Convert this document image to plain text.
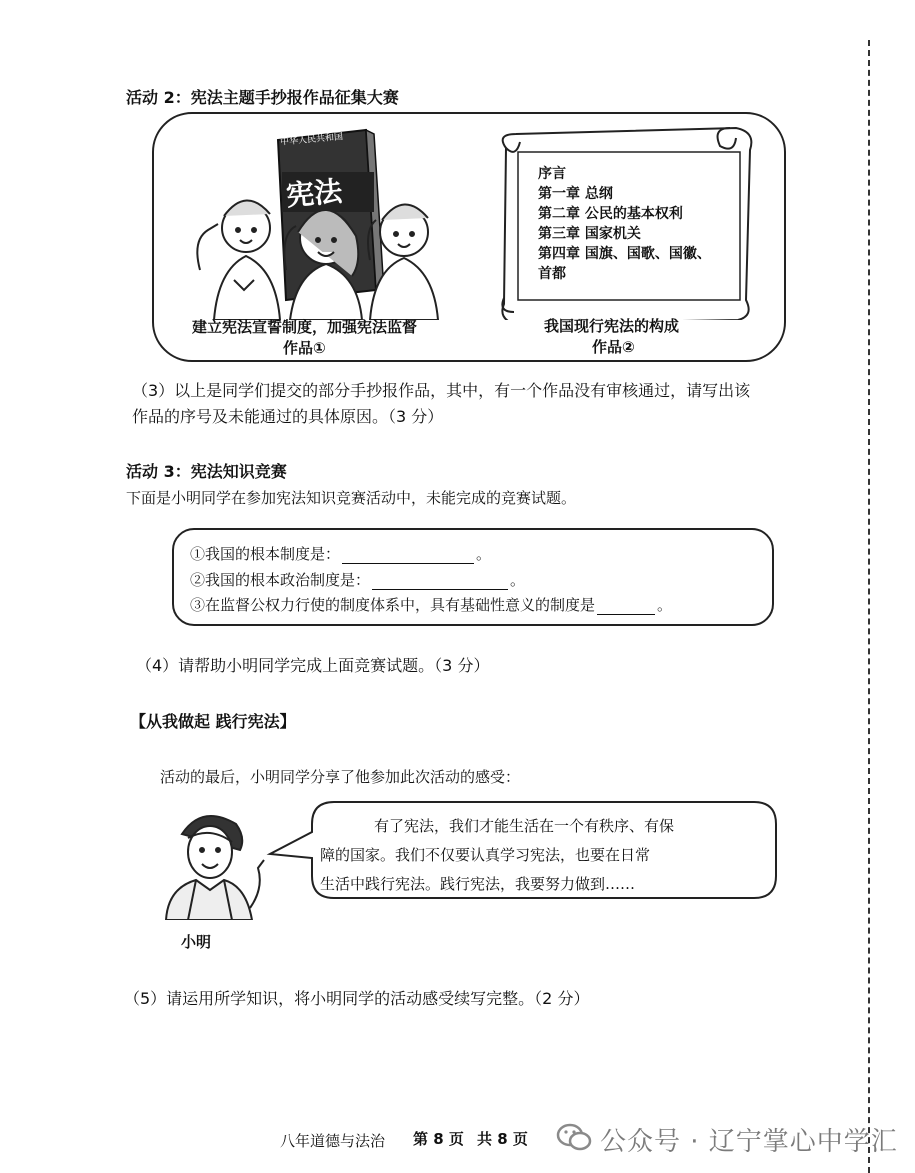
活动 2：宪法主题手抄报作品征集大赛
中华人民共和国
宪法
建立宪法宣誓制度，加强宪法监督
作品①
序言
第一章 总纲
第二章 公民的基本权利
第三章 国家机关
第四章 国旗、国歌、国徽、
首都
我国现行宪法的构成
作品②
（3）以上是同学们提交的部分手抄报作品，其中，有一个作品没有审核通过，请写出该
作品的序号及未能通过的具体原因。（3 分）
活动 3：宪法知识竞赛
下面是小明同学在参加宪法知识竞赛活动中，未能完成的竞赛试题。
①我国的根本制度是：	。
②我国的根本政治制度是：	。
③在监督公权力行使的制度体系中，具有基础性意义的制度是	。
（4）请帮助小明同学完成上面竞赛试题。（3 分）
【从我做起 践行宪法】
活动的最后，小明同学分享了他参加此次活动的感受：
有了宪法，我们才能生活在一个有秩序、有保
障的国家。我们不仅要认真学习宪法，也要在日常
生活中践行宪法。践行宪法，我要努力做到……
小明
（5）请运用所学知识，将小明同学的活动感受续写完整。（2 分）
八年道德与法治 第 8 页 共 8 页	公众号 · 辽宁掌心中学汇
